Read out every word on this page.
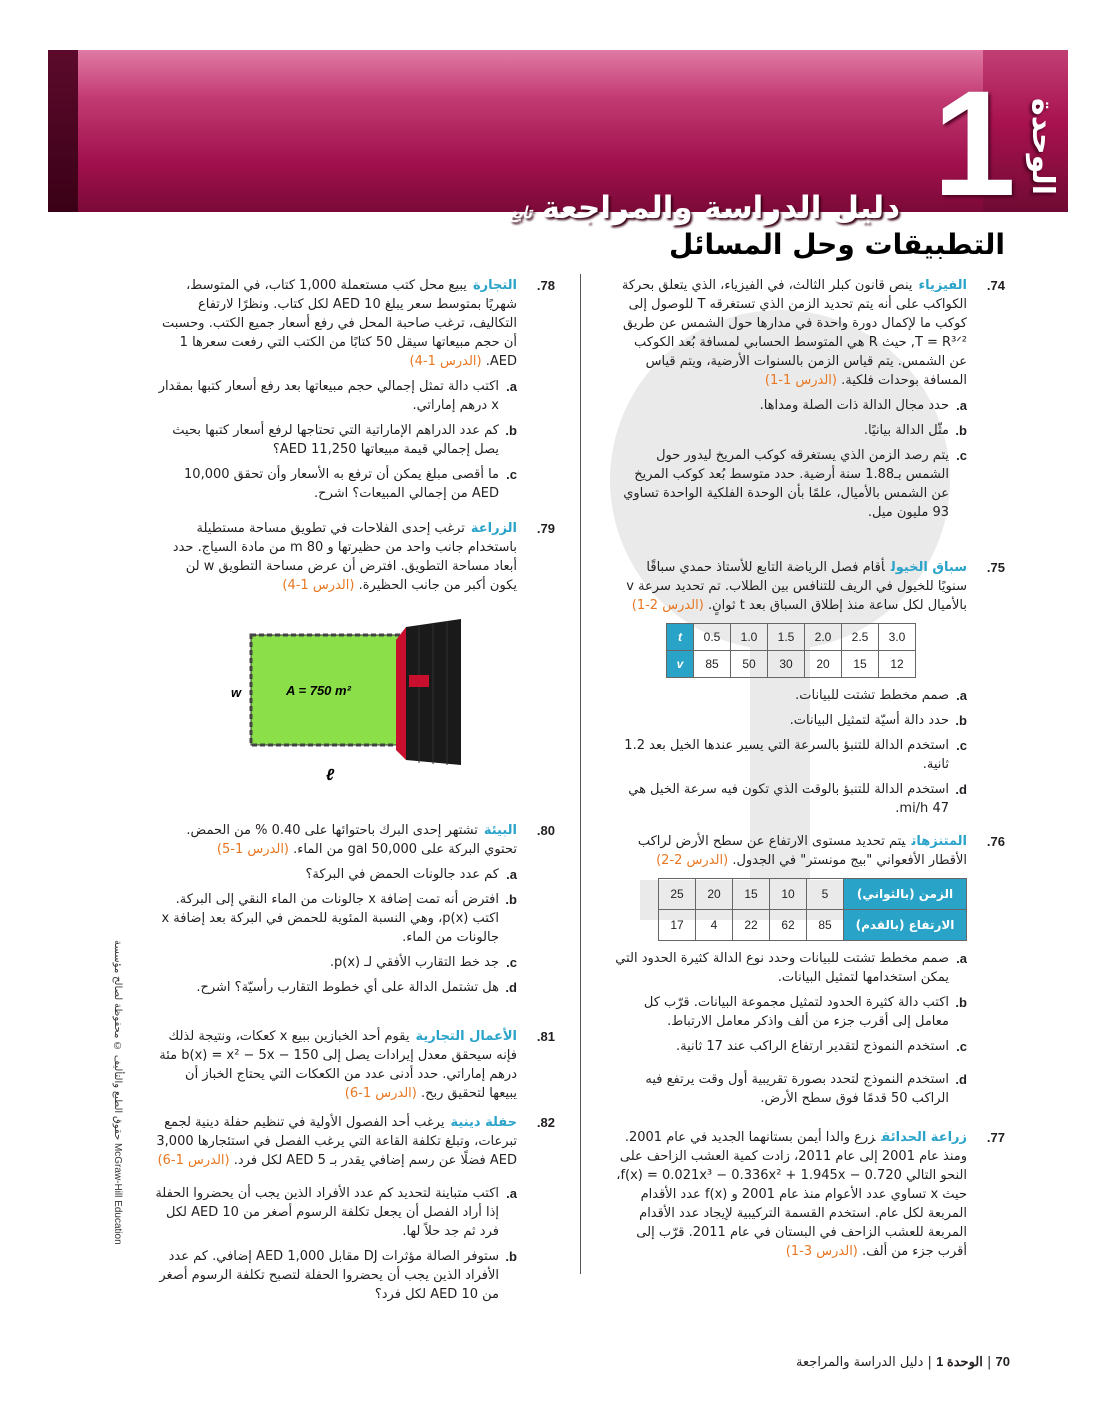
1 الوحدة
دليل الدراسة والمراجعةتابع
التطبيقات وحل المسائل
74.
الفيزياءينص قانون كبلر الثالث، في الفيزياء، الذي يتعلق بحركة الكواكب على أنه يتم تحديد الزمن الذي تستغرقه T للوصول إلى كوكب ما لإكمال دورة واحدة في مدارها حول الشمس عن طريق T = R³ᐟ², حيث R هي المتوسط الحسابي لمسافة بُعد الكوكب عن الشمس. يتم قياس الزمن بالسنوات الأرضية، ويتم قياس المسافة بوحدات فلكية. (الدرس 1-1)
a.
حدد مجال الدالة ذات الصلة ومداها.
b.
مثّل الدالة بيانيًا.
c.
يتم رصد الزمن الذي يستغرقه كوكب المريخ ليدور حول الشمس بـ1.88 سنة أرضية. حدد متوسط بُعد كوكب المريخ عن الشمس بالأميال، علمًا بأن الوحدة الفلكية الواحدة تساوي 93 مليون ميل.
75.
سباق الخيولأقام فصل الرياضة التابع للأستاذ حمدي سباقًا سنويًا للخيول في الريف للتنافس بين الطلاب. تم تحديد سرعة v بالأميال لكل ساعة منذ إطلاق السباق بعد t ثوانٍ. (الدرس 2-1)
t	0.5	1.0	1.5	2.0	2.5	3.0
v	85	50	30	20	15	12
a.
صمم مخطط تشتت للبيانات.
b.
حدد دالة أسيّة لتمثيل البيانات.
c.
استخدم الدالة للتنبؤ بالسرعة التي يسير عندها الخيل بعد 1.2 ثانية.
d.
استخدم الدالة للتنبؤ بالوقت الذي تكون فيه سرعة الخيل هي 47 mi/h.
76.
المتنزهاتيتم تحديد مستوى الارتفاع عن سطح الأرض لراكب الأقطار الأفعواني "بيج مونستر" في الجدول. (الدرس 2-2)
25	20	15	10	5	الزمن (بالثواني)
17	4	22	62	85	الارتفاع (بالقدم)
a.
صمم مخطط تشتت للبيانات وحدد نوع الدالة كثيرة الحدود التي يمكن استخدامها لتمثيل البيانات.
b.
اكتب دالة كثيرة الحدود لتمثيل مجموعة البيانات. قرّب كل معامل إلى أقرب جزء من ألف واذكر معامل الارتباط.
c.
استخدم النموذج لتقدير ارتفاع الراكب عند 17 ثانية.
d.
استخدم النموذج لتحدد بصورة تقريبية أول وقت يرتفع فيه الراكب 50 قدمًا فوق سطح الأرض.
77.
زراعة الحدائقزرع والدا أيمن بستانهما الجديد في عام 2001. ومنذ عام 2001 إلى عام 2011، زادت كمية العشب الزاحف على النحو التالي f(x) = 0.021x³ − 0.336x² + 1.945x − 0.720، حيث x تساوي عدد الأعوام منذ عام 2001 و f(x) عدد الأقدام المربعة لكل عام. استخدم القسمة التركيبية لإيجاد عدد الأقدام المربعة للعشب الزاحف في البستان في عام 2011. قرّب إلى أقرب جزء من ألف. (الدرس 3-1)
78.
التجارةيبيع محل كتب مستعملة 1,000 كتاب، في المتوسط، شهريًا بمتوسط سعر يبلغ 10 AED لكل كتاب. ونظرًا لارتفاع التكاليف، ترغب صاحبة المحل في رفع أسعار جميع الكتب. وحسبت أن حجم مبيعاتها سيقل 50 كتابًا من الكتب التي رفعت سعرها 1 AED. (الدرس 1-4)
a.
اكتب دالة تمثل إجمالي حجم مبيعاتها بعد رفع أسعار كتبها بمقدار x درهم إماراتي.
b.
كم عدد الدراهم الإماراتية التي تحتاجها لرفع أسعار كتبها بحيث يصل إجمالي قيمة مبيعاتها 11,250 AED؟
c.
ما أقصى مبلغ يمكن أن ترفع به الأسعار وأن تحقق 10,000 AED من إجمالي المبيعات؟ اشرح.
79.
الزراعةترغب إحدى الفلاحات في تطويق مساحة مستطيلة باستخدام جانب واحد من حظيرتها و 80 m من مادة السياج. حدد أبعاد مساحة التطويق. افترض أن عرض مساحة التطويق w لن يكون أكبر من جانب الحظيرة. (الدرس 1-4)
w	A = 750 m²
ℓ
80.
البيئةتشتهر إحدى البرك باحتوائها على 0.40 % من الحمض. تحتوي البركة على 50,000 gal من الماء. (الدرس 1-5)
a.
كم عدد جالونات الحمض في البركة؟
b.
افترض أنه تمت إضافة x جالونات من الماء النقي إلى البركة. اكتب p(x)، وهي النسبة المئوية للحمض في البركة بعد إضافة x جالونات من الماء.
c.
جد خط التقارب الأفقي لـ p(x).
d.
هل تشتمل الدالة على أي خطوط التقارب رأسيّة؟ اشرح.
81.
الأعمال التجاريةيقوم أحد الخبازين ببيع x كعكات، ونتيجة لذلك فإنه سيحقق معدل إيرادات يصل إلى b(x) = x² − 5x − 150 مئة درهم إماراتي. حدد أدنى عدد من الكعكات التي يحتاج الخباز أن يبيعها لتحقيق ربح. (الدرس 1-6)
82.
حفلة دينيةيرغب أحد الفصول الأولية في تنظيم حفلة دينية لجمع تبرعات، وتبلغ تكلفة القاعة التي يرغب الفصل في استئجارها 3,000 AED فضلًا عن رسم إضافي يقدر بـ 5 AED لكل فرد. (الدرس 1-6)
a.
اكتب متباينة لتحديد كم عدد الأفراد الذين يجب أن يحضروا الحفلة إذا أراد الفصل أن يجعل تكلفة الرسوم أصغر من 10 AED لكل فرد ثم جد حلاً لها.
b.
ستوفر الصالة مؤثرات DJ مقابل 1,000 AED إضافي. كم عدد الأفراد الذين يجب أن يحضروا الحفلة لتصبح تكلفة الرسوم أصغر من 10 AED لكل فرد؟
McGraw-Hill Education حقوق الطبع والتأليف © محفوظة لصالح مؤسسة
70 | الوحدة 1 | دليل الدراسة والمراجعة
